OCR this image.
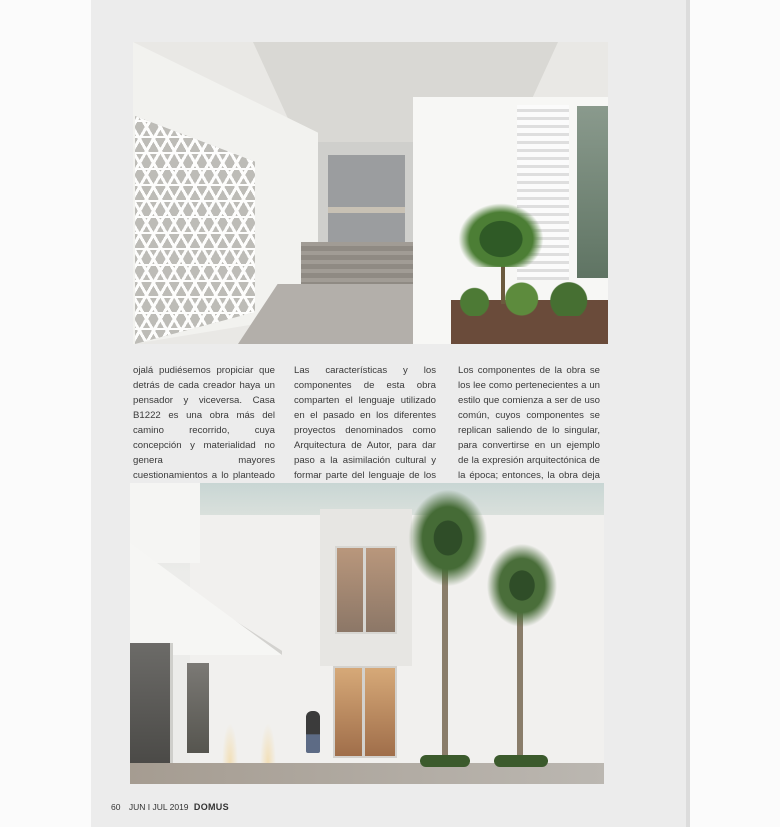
ojalá pudiésemos propiciar que detrás de cada creador haya un pensador y viceversa. Casa B1222 es una obra más del camino recorrido, cuya concepción y materialidad no genera mayores cuestionamientos a lo planteado

Las características y los componentes de esta obra comparten el lenguaje utilizado en el pasado en los diferentes proyectos denominados como Arquitectura de Autor, para dar paso a la asimilación cultural y formar parte del lenguaje de los

Los componentes de la obra se los lee como pertenecientes a un estilo que comienza a ser de uso común, cuyos componentes se replican saliendo de lo singular, para convertirse en un ejemplo de la expresión arquitectónica de la época; entonces, la obra deja

60 JUN I JUL 2019 DOMUS
